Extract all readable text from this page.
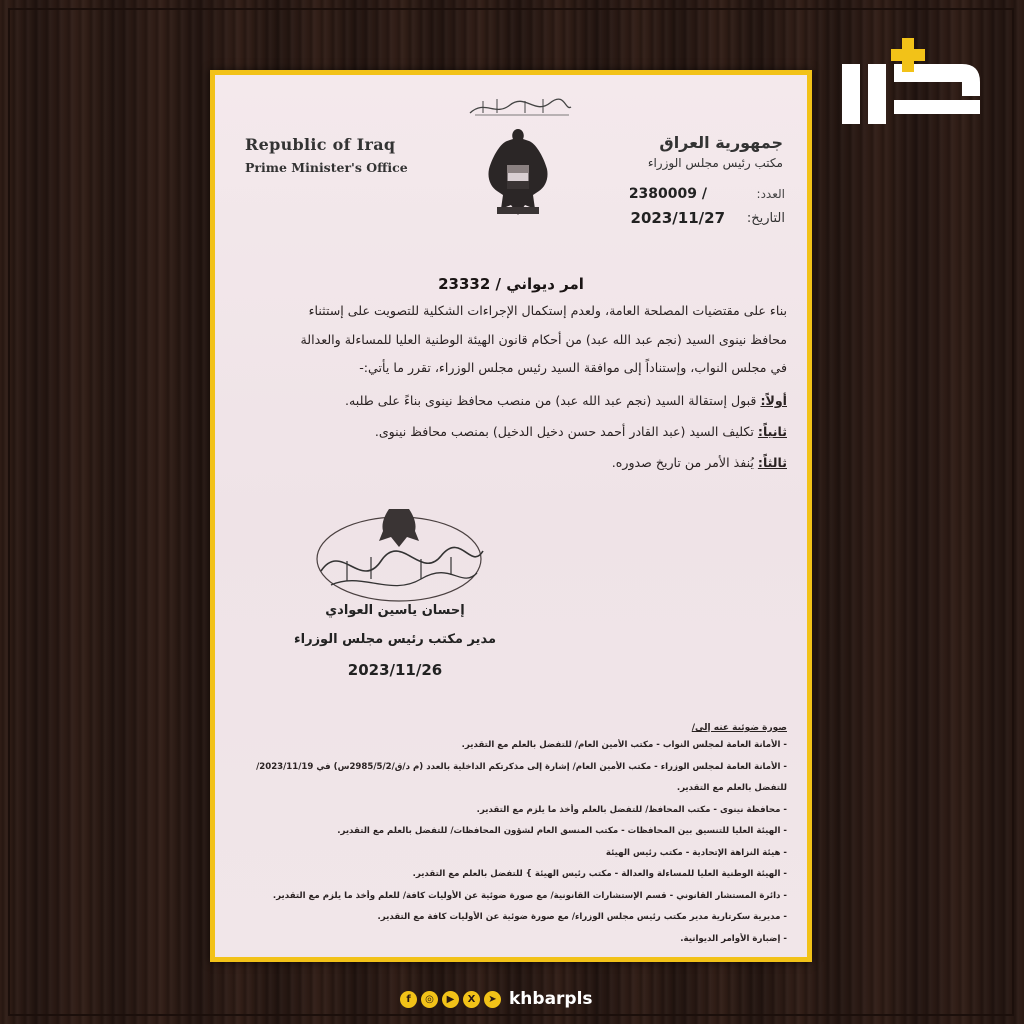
Republic of Iraq
Prime Minister's Office
جمهورية العراق
مكتب رئيس مجلس الوزراء
العدد:
2380009 /
التاريخ:
2023/11/27
امر ديواني / 23332

بناء على مقتضيات المصلحة العامة، ولعدم إستكمال الإجراءات الشكلية للتصويت على إستثناء

محافظ نينوى السيد (نجم عبد الله عبد) من أحكام قانون الهيئة الوطنية العليا للمساءلة والعدالة

في مجلس النواب، وإستناداً إلى موافقة السيد رئيس مجلس الوزراء، تقرر ما يأتي:-

أولاً: قبول إستقالة السيد (نجم عبد الله عبد) من منصب محافظ نينوى بناءً على طلبه.
ثانياً: تكليف السيد (عبد القادر أحمد حسن دخيل الدخيل) بمنصب محافظ نينوى.
ثالثاً: يُنفذ الأمر من تاريخ صدوره.
إحسان ياسين العوادي
مدير مكتب رئيس مجلس الوزراء
2023/11/26
صورة ضوئية عنه إلى/
- الأمانة العامة لمجلس النواب - مكتب الأمين العام/ للتفضل بالعلم مع التقدير.
- الأمانة العامة لمجلس الوزراء - مكتب الأمين العام/ إشارة إلى مذكرتكم الداخلية بالعدد (م د/ق/2985/5/2س) في 2023/11/19/
للتفضل بالعلم مع التقدير.
- محافظة نينوى - مكتب المحافظ/ للتفضل بالعلم وأخذ ما يلزم مع التقدير.
- الهيئة العليا للتنسيق بين المحافظات - مكتب المنسق العام لشؤون المحافظات/ للتفضل بالعلم مع التقدير.
- هيئة النزاهة الإتحادية - مكتب رئيس الهيئة
- الهيئة الوطنية العليا للمساءلة والعدالة - مكتب رئيس الهيئة } للتفضل بالعلم مع التقدير.
- دائرة المستشار القانوني - قسم الإستشارات القانونية/ مع صورة ضوئية عن الأوليات كافة/ للعلم وأخذ ما يلزم مع التقدير.
- مديرية سكرتارية مدير مكتب رئيس مجلس الوزراء/ مع صورة ضوئية عن الأوليات كافة مع التقدير.
- إضبارة الأوامر الديوانية.
f	◎	▶	X	➤ khbarpls
